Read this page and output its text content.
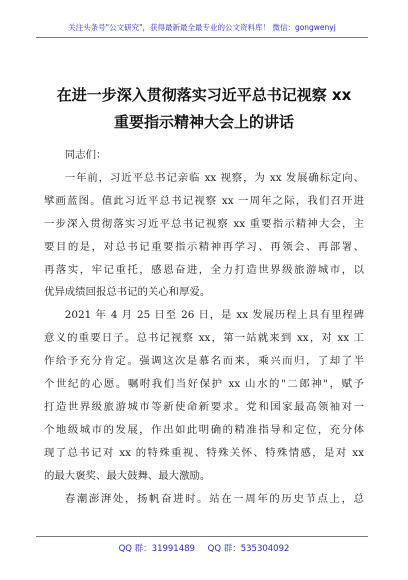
关注头条号"公文研究"，获得最新最全最专业的公文资料库！ 微信：gongwenyj
在进一步深入贯彻落实习近平总书记视察 xx
重要指示精神大会上的讲话

同志们：

一年前，习近平总书记亲临 xx 视察，为 xx 发展确标定向、
擘画蓝图。值此习近平总书记视察 xx 一周年之际，我们召开进
一步深入贯彻落实习近平总书记视察 xx 重要指示精神大会，主
要目的是，对总书记重要指示精神再学习、再领会、再部署、
再落实，牢记重托，感恩奋进，全力打造世界级旅游城市，以
优异成绩回报总书记的关心和厚爱。

2021 年 4 月 25 日至 26 日，是 xx 发展历程上具有里程碑
意义的重要日子。总书记视察 xx，第一站就来到 xx，对 xx 工
作给予充分肯定。强调这次是慕名而来，乘兴而归，了却了半
个世纪的心愿。嘱咐我们当好保护 xx 山水的"二郎神"，赋予
打造世界级旅游城市等新使命新要求。党和国家最高领袖对一
个地级城市的发展，作出如此明确的精准指导和定位，充分体
现了总书记对 xx 的特殊重视、特殊关怀、特殊情感，是对 xx
的最大褒奖、最大鼓舞、最大激励。

春潮澎湃处，扬帆奋进时。站在一周年的历史节点上，总

QQ 群：31991489 QQ 群：535304092
